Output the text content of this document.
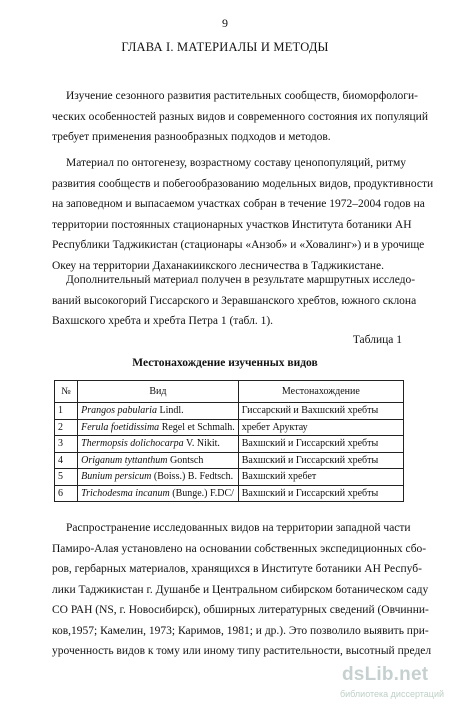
9
ГЛАВА I. МАТЕРИАЛЫ И МЕТОДЫ
Изучение сезонного развития растительных сообществ, биоморфологи-
ческих особенностей разных видов и современного состояния их популяций
требует применения разнообразных подходов и методов.
Материал по онтогенезу, возрастному составу ценопопуляций, ритму
развития сообществ и побегообразованию модельных видов, продуктивности
на заповедном и выпасаемом участках собран в течение 1972–2004 годов на
территории постоянных стационарных участков Института ботаники АН
Республики Таджикистан (стационары «Анзоб» и «Ховалинг») и в урочище
Океу на территории Даханакиикского лесничества в Таджикистане.
Дополнительный материал получен в результате маршрутных исследо-
ваний высокогорий Гиссарского и Зеравшанского хребтов, южного склона
Вахшского хребта и хребта Петра 1 (табл. 1).
Таблица 1
Местонахождение изученных видов
№	Вид	Местонахождение
1	Prangos pabularia Lindl.	Гиссарский и Вахшский хребты
2	Ferula foetidissima Regel et Schmalh.	хребет Аруктау
3	Thermopsis dolichocarpa V. Nikit.	Вахшский и Гиссарский хребты
4	Origanum tyttanthum Gontsch	Вахшский и Гиссарский хребты
5	Bunium persicum (Boiss.) B. Fedtsch.	Вахшский хребет
6	Trichodesma incanum (Bunge.) F.DC/	Вахшский и Гиссарский хребты
Распространение исследованных видов на территории западной части
Памиро-Алая установлено на основании собственных экспедиционных сбо-
ров, гербарных материалов, хранящихся в Институте ботаники АН Респуб-
лики Таджикистан г. Душанбе и Центральном сибирском ботаническом саду
СО РАН (NS, г. Новосибирск), обширных литературных сведений (Овчинни-
ков,1957; Камелин, 1973; Каримов, 1981; и др.). Это позволило выявить при-
уроченность видов к тому или иному типу растительности, высотный предел
dsLib.net
библиотека диссертаций
